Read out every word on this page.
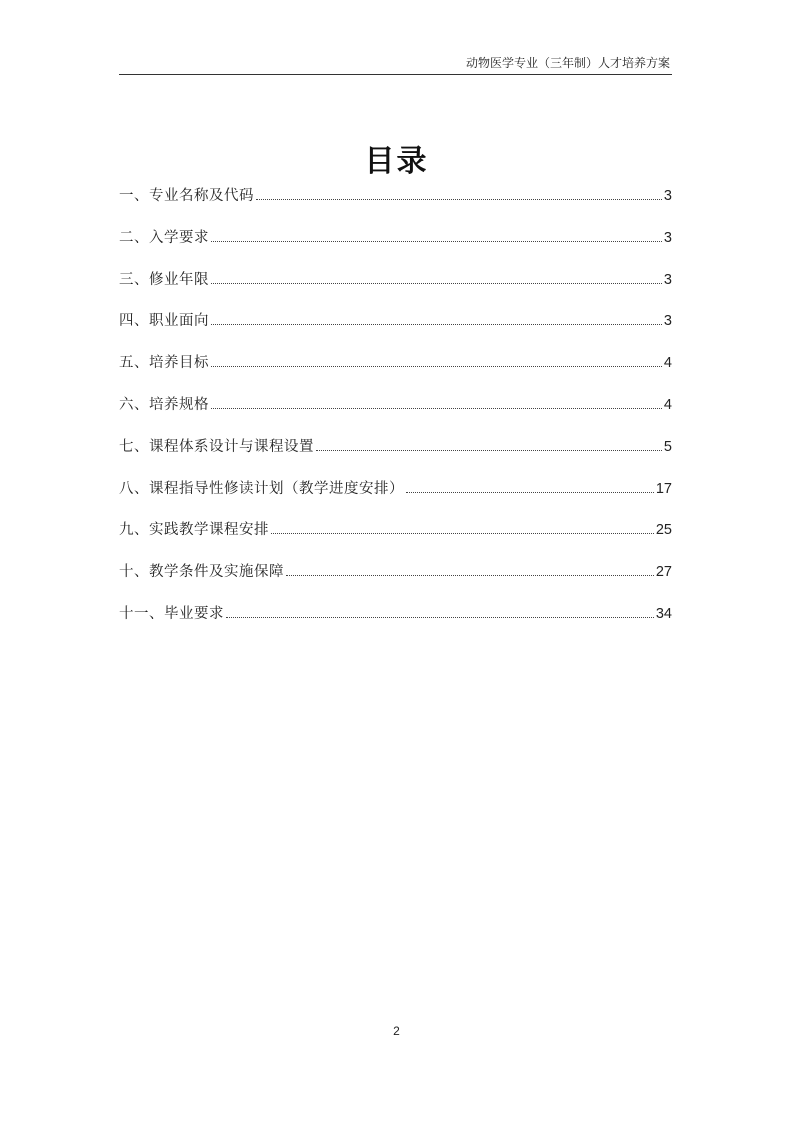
动物医学专业（三年制）人才培养方案
目录
一、专业名称及代码	3
二、入学要求	3
三、修业年限	3
四、职业面向	3
五、培养目标	4
六、培养规格	4
七、课程体系设计与课程设置	5
八、课程指导性修读计划（教学进度安排）	17
九、实践教学课程安排	25
十、教学条件及实施保障	27
十一、毕业要求	34
2
